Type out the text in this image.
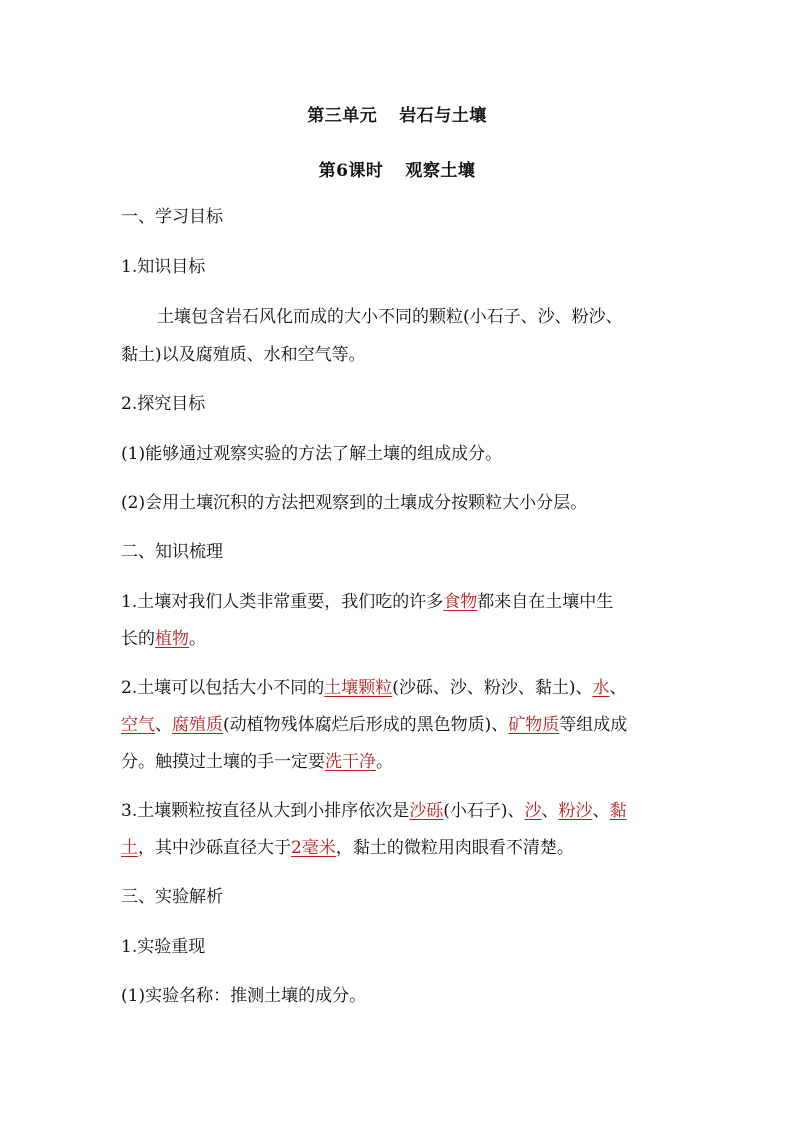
第三单元 岩石与土壤
第6课时 观察土壤
一、学习目标
1.知识目标
土壤包含岩石风化而成的大小不同的颗粒(小石子、沙、粉沙、
黏土)以及腐殖质、水和空气等。
2.探究目标
(1)能够通过观察实验的方法了解土壤的组成成分。
(2)会用土壤沉积的方法把观察到的土壤成分按颗粒大小分层。
二、知识梳理
1.土壤对我们人类非常重要，我们吃的许多食物都来自在土壤中生
长的植物。
2.土壤可以包括大小不同的土壤颗粒(沙砾、沙、粉沙、黏土)、水、
空气、腐殖质(动植物残体腐烂后形成的黑色物质)、矿物质等组成成
分。触摸过土壤的手一定要洗干净。
3.土壤颗粒按直径从大到小排序依次是沙砾(小石子)、沙、粉沙、黏
土，其中沙砾直径大于2毫米，黏土的微粒用肉眼看不清楚。
三、实验解析
1.实验重现
(1)实验名称：推测土壤的成分。
